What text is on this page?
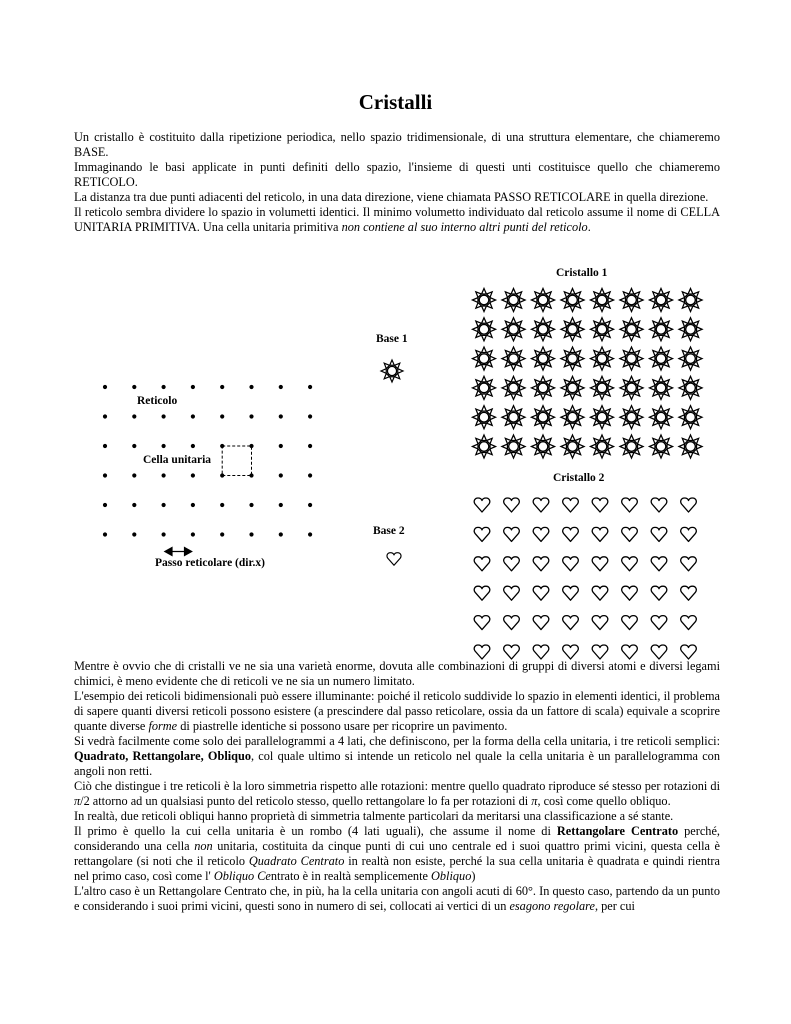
Cristalli

Un cristallo è costituito dalla ripetizione periodica, nello spazio tridimensionale, di una struttura elementare, che chiameremo BASE.

Immaginando le basi applicate in punti definiti dello spazio, l'insieme di questi unti costituisce quello che chiameremo RETICOLO.

La distanza tra due punti adiacenti del reticolo, in una data direzione, viene chiamata PASSO RETICOLARE in quella direzione.

Il reticolo sembra dividere lo spazio in volumetti identici. Il minimo volumetto individuato dal reticolo assume il nome di CELLA UNITARIA PRIMITIVA. Una cella unitaria primitiva non contiene al suo interno altri punti del reticolo.

Reticolo
Cella unitaria
Passo reticolare (dir.x)
Base 1
Base 2
Cristallo 1
Cristallo 2

Mentre è ovvio che di cristalli ve ne sia una varietà enorme, dovuta alle combinazioni di gruppi di diversi atomi e diversi legami chimici, è meno evidente che di reticoli ve ne sia un numero limitato.

L'esempio dei reticoli bidimensionali può essere illuminante: poiché il reticolo suddivide lo spazio in elementi identici, il problema di sapere quanti diversi reticoli possono esistere (a prescindere dal passo reticolare, ossia da un fattore di scala) equivale a scoprire quante diverse forme di piastrelle identiche si possono usare per ricoprire un pavimento.

Si vedrà facilmente come solo dei parallelogrammi a 4 lati, che definiscono, per la forma della cella unitaria, i tre reticoli semplici: Quadrato, Rettangolare, Obliquo, col quale ultimo si intende un reticolo nel quale la cella unitaria è un parallelogramma con angoli non retti.

Ciò che distingue i tre reticoli è la loro simmetria rispetto alle rotazioni: mentre quello quadrato riproduce sé stesso per rotazioni di π/2 attorno ad un qualsiasi punto del reticolo stesso, quello rettangolare lo fa per rotazioni di π, così come quello obliquo.

In realtà, due reticoli obliqui hanno proprietà di simmetria talmente particolari da meritarsi una classificazione a sé stante.

Il primo è quello la cui cella unitaria è un rombo (4 lati uguali), che assume il nome di Rettangolare Centrato perché, considerando una cella non unitaria, costituita da cinque punti di cui uno centrale ed i suoi quattro primi vicini, questa cella è rettangolare (si noti che il reticolo Quadrato Centrato in realtà non esiste, perché la sua cella unitaria è quadrata e quindi rientra nel primo caso, così come l' Obliquo Centrato è in realtà semplicemente Obliquo)

L'altro caso è un Rettangolare Centrato che, in più, ha la cella unitaria con angoli acuti di 60°. In questo caso, partendo da un punto e considerando i suoi primi vicini, questi sono in numero di sei, collocati ai vertici di un esagono regolare, per cui
